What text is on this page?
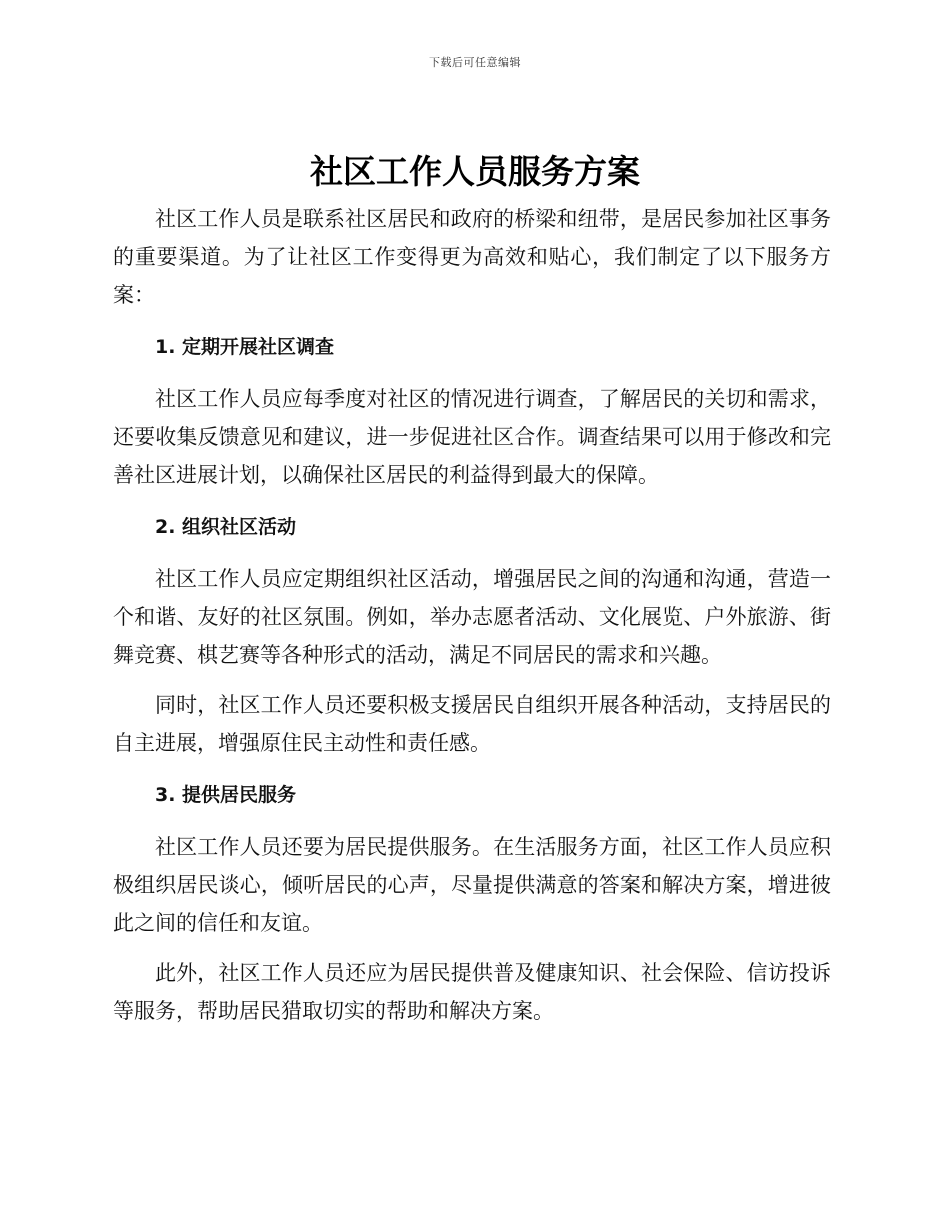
下载后可任意编辑
社区工作人员服务方案

社区工作人员是联系社区居民和政府的桥梁和纽带，是居民参加社区事务的重要渠道。为了让社区工作变得更为高效和贴心，我们制定了以下服务方案：

1. 定期开展社区调查

社区工作人员应每季度对社区的情况进行调查，了解居民的关切和需求，还要收集反馈意见和建议，进一步促进社区合作。调查结果可以用于修改和完善社区进展计划，以确保社区居民的利益得到最大的保障。

2. 组织社区活动

社区工作人员应定期组织社区活动，增强居民之间的沟通和沟通，营造一个和谐、友好的社区氛围。例如，举办志愿者活动、文化展览、户外旅游、街舞竞赛、棋艺赛等各种形式的活动，满足不同居民的需求和兴趣。

同时，社区工作人员还要积极支援居民自组织开展各种活动，支持居民的自主进展，增强原住民主动性和责任感。

3. 提供居民服务

社区工作人员还要为居民提供服务。在生活服务方面，社区工作人员应积极组织居民谈心，倾听居民的心声，尽量提供满意的答案和解决方案，增进彼此之间的信任和友谊。

此外，社区工作人员还应为居民提供普及健康知识、社会保险、信访投诉等服务，帮助居民猎取切实的帮助和解决方案。
